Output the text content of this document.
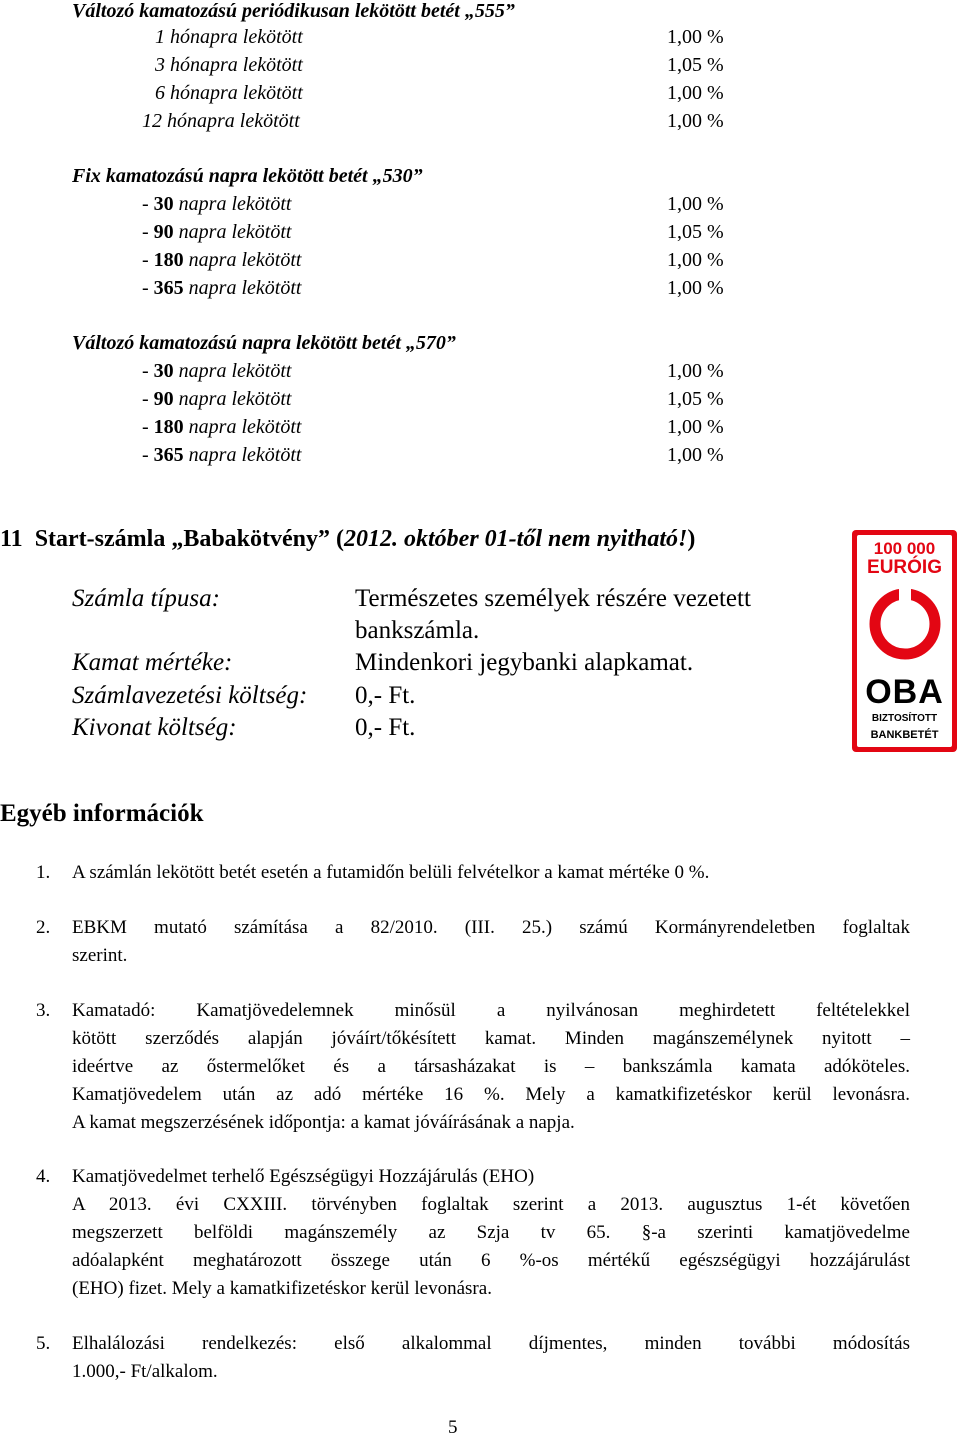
Változó kamatozású periódikusan lekötött betét „555”
1 hónapra lekötött	1,00 %
3 hónapra lekötött	1,05 %
6 hónapra lekötött	1,00 %
12 hónapra lekötött	1,00 %
Fix kamatozású napra lekötött betét „530”
- 30 napra lekötött	1,00 %
- 90 napra lekötött	1,05 %
- 180 napra lekötött	1,00 %
- 365 napra lekötött	1,00 %
Változó kamatozású napra lekötött betét „570”
- 30 napra lekötött	1,00 %
- 90 napra lekötött	1,05 %
- 180 napra lekötött	1,00 %
- 365 napra lekötött	1,00 %
11 Start-számla „Babakötvény” (2012. október 01-től nem nyitható!)
Számla típusa:	Természetes személyek részére vezetett
bankszámla.
Kamat mértéke:	Mindenkori jegybanki alapkamat.
Számlavezetési költség: 0,- Ft.
Kivonat költség:	0,- Ft.
100 000
EURÓIG
OBA
BIZTOSÍTOTT
BANKBETÉT
Egyéb információk
1. A számlán lekötött betét esetén a futamidőn belüli felvételkor a kamat mértéke 0 %.
2. EBKM mutató számítása a 82/2010. (III. 25.) számú Kormányrendeletben foglaltak
szerint.
3. Kamatadó: Kamatjövedelemnek minősül a nyilvánosan meghirdetett feltételekkel
kötött szerződés alapján jóváírt/tőkésített kamat. Minden magánszemélynek nyitott –
ideértve az őstermelőket és a társasházakat is – bankszámla kamata adóköteles.
Kamatjövedelem után az adó mértéke 16 %. Mely a kamatkifizetéskor kerül levonásra.
A kamat megszerzésének időpontja: a kamat jóváírásának a napja.
4. Kamatjövedelmet terhelő Egészségügyi Hozzájárulás (EHO)
A 2013. évi CXXIII. törvényben foglaltak szerint a 2013. augusztus 1-ét követően
megszerzett belföldi magánszemély az Szja tv 65. §-a szerinti kamatjövedelme
adóalapként meghatározott összege után 6 %-os mértékű egészségügyi hozzájárulást
(EHO) fizet. Mely a kamatkifizetéskor kerül levonásra.
5. Elhalálozási rendelkezés: első alkalommal díjmentes, minden további módosítás
1.000,- Ft/alkalom.
5
